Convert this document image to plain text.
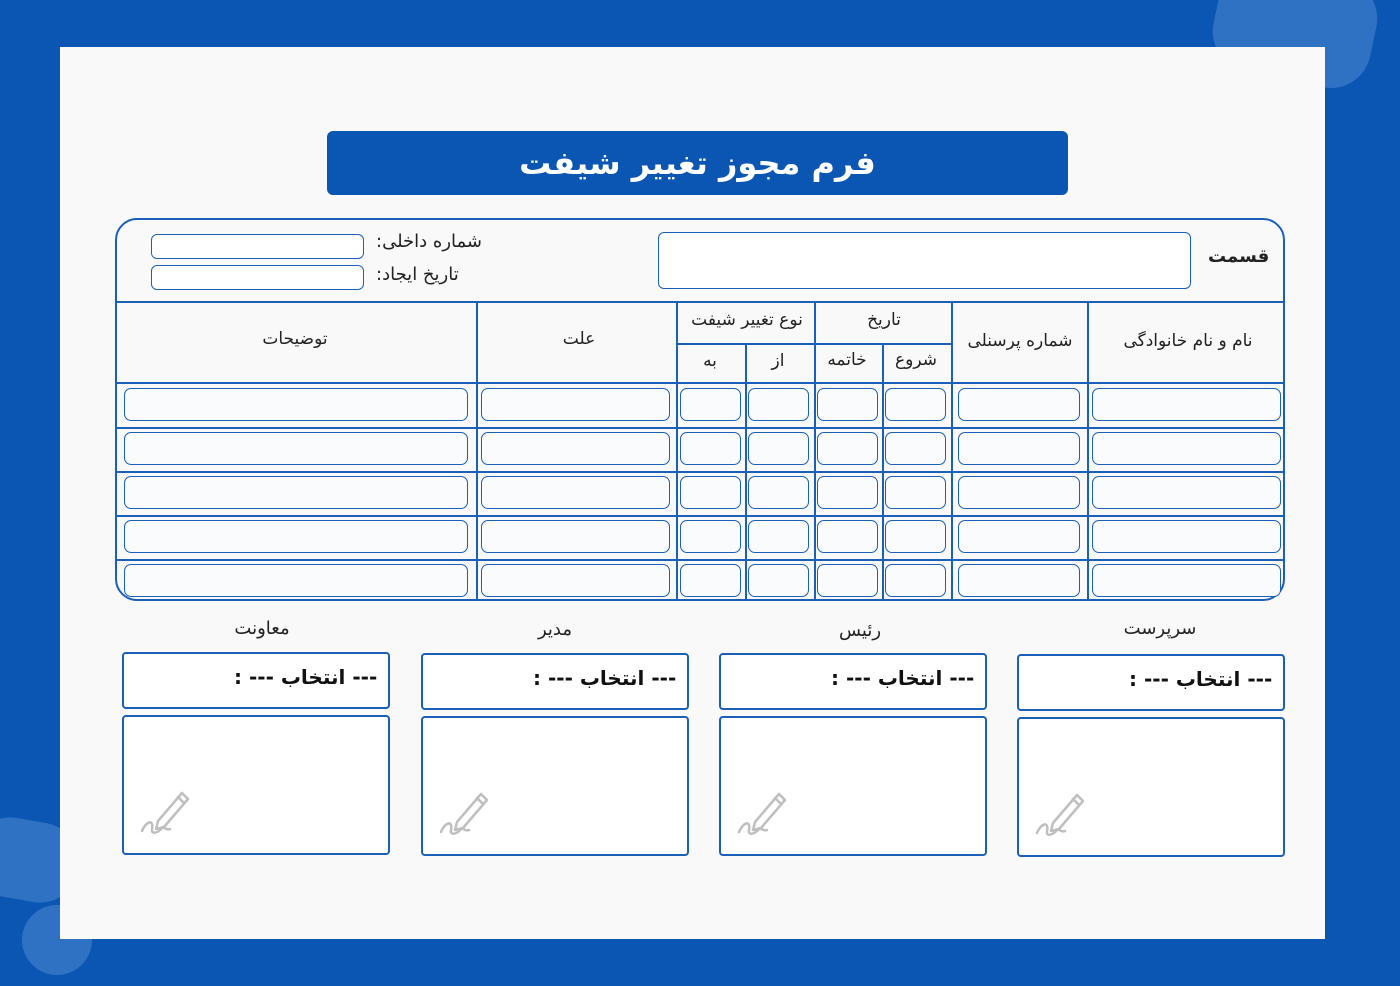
فرم مجوز تغییر شیفت
قسمت
شماره داخلی:
تاریخ ایجاد:
نام و نام خانوادگی
شماره پرسنلی
تاریخ
شروع
خاتمه
نوع تغییر شیفت
از
به
علت
توضیحات
سرپرست
--- انتخاب --- :
رئیس
--- انتخاب --- :
مدیر
--- انتخاب --- :
معاونت
--- انتخاب --- :
